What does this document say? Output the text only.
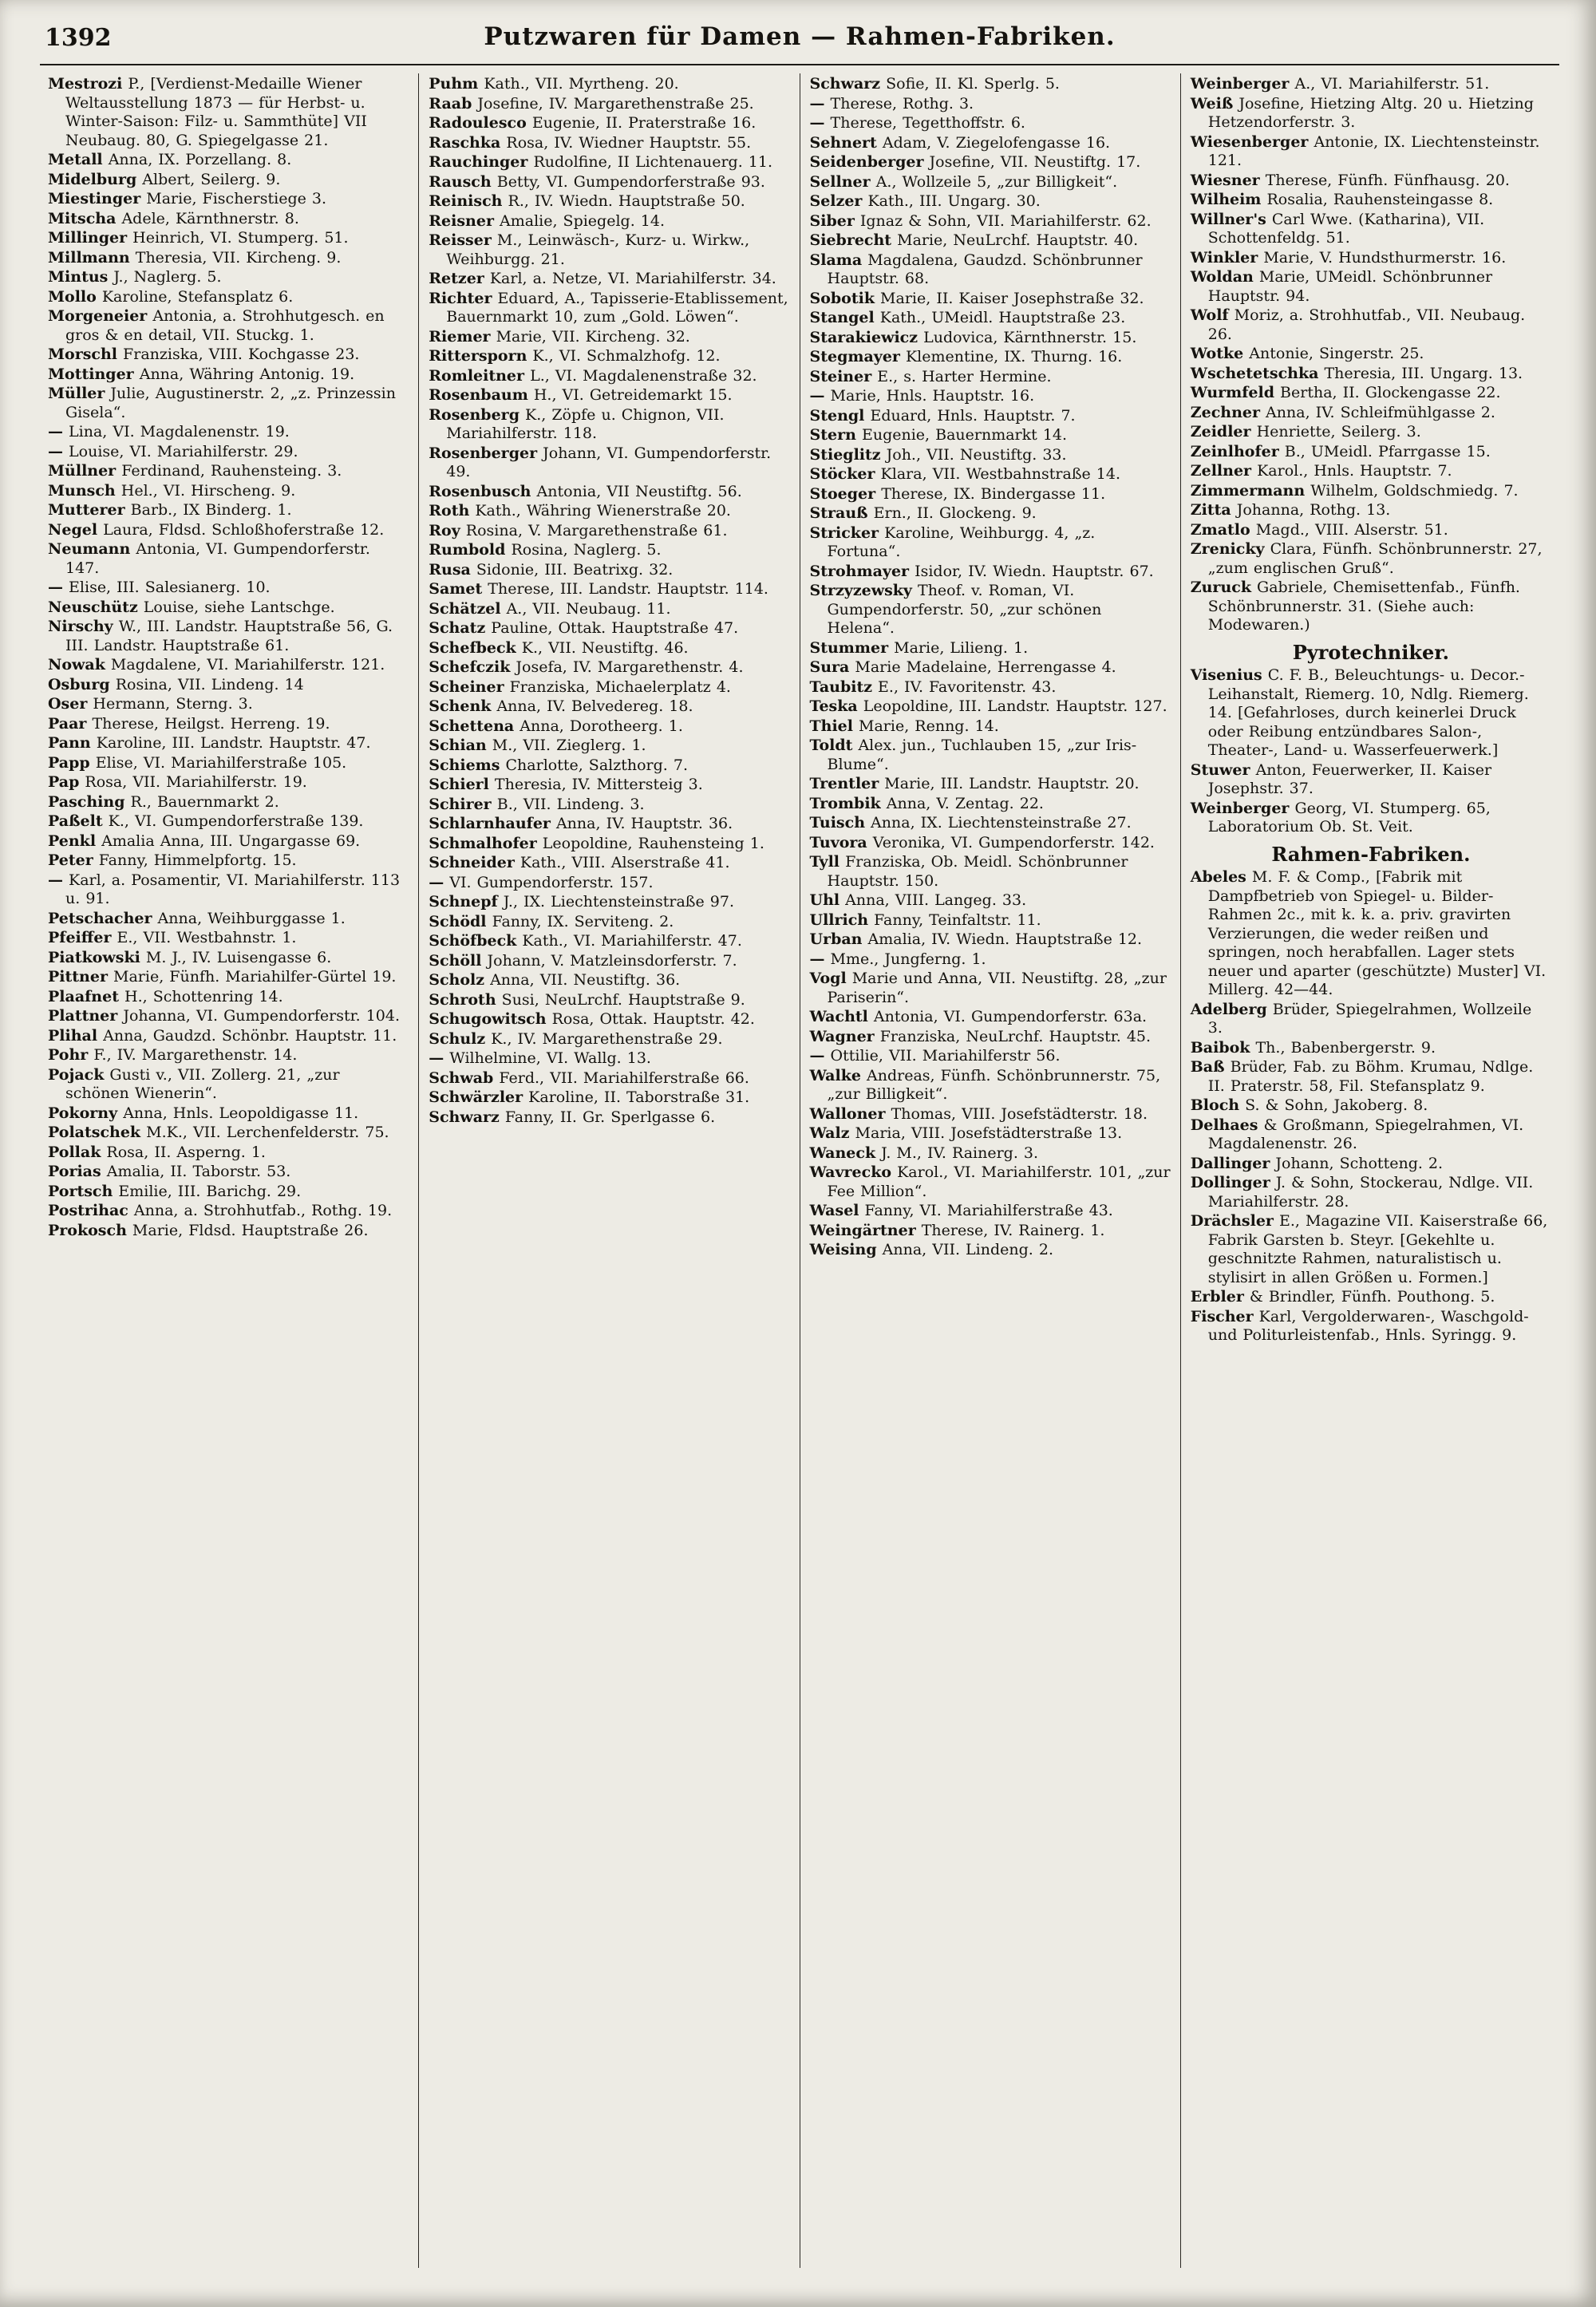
1392	Putzwaren für Damen — Rahmen-Fabriken.
Mestrozi P., [Verdienst-Medaille Wiener Weltausstellung 1873 — für Herbst- u. Winter-Saison: Filz- u. Sammthüte] VII Neubaug. 80, G. Spiegelgasse 21.
Metall Anna, IX. Porzellang. 8.
Midelburg Albert, Seilerg. 9.
Miestinger Marie, Fischerstiege 3.
Mitscha Adele, Kärnthnerstr. 8.
Millinger Heinrich, VI. Stumperg. 51.
Millmann Theresia, VII. Kircheng. 9.
Mintus J., Naglerg. 5.
Mollo Karoline, Stefansplatz 6.
Morgeneier Antonia, a. Strohhutgesch. en gros & en detail, VII. Stuckg. 1.
Morschl Franziska, VIII. Kochgasse 23.
Mottinger Anna, Währing Antonig. 19.
Müller Julie, Augustinerstr. 2, „z. Prinzessin Gisela“.
— Lina, VI. Magdalenenstr. 19.
— Louise, VI. Mariahilferstr. 29.
Müllner Ferdinand, Rauhensteing. 3.
Munsch Hel., VI. Hirscheng. 9.
Mutterer Barb., IX Binderg. 1.
Negel Laura, Fldsd. Schloßhoferstraße 12.
Neumann Antonia, VI. Gumpendorferstr. 147.
— Elise, III. Salesianerg. 10.
Neuschütz Louise, siehe Lantschge.
Nirschy W., III. Landstr. Hauptstraße 56, G. III. Landstr. Hauptstraße 61.
Nowak Magdalene, VI. Mariahilferstr. 121.
Osburg Rosina, VII. Lindeng. 14
Oser Hermann, Sterng. 3.
Paar Therese, Heilgst. Herreng. 19.
Pann Karoline, III. Landstr. Hauptstr. 47.
Papp Elise, VI. Mariahilferstraße 105.
Pap Rosa, VII. Mariahilferstr. 19.
Pasching R., Bauernmarkt 2.
Paßelt K., VI. Gumpendorferstraße 139.
Penkl Amalia Anna, III. Ungargasse 69.
Peter Fanny, Himmelpfortg. 15.
— Karl, a. Posamentir, VI. Mariahilferstr. 113 u. 91.
Petschacher Anna, Weihburggasse 1.
Pfeiffer E., VII. Westbahnstr. 1.
Piatkowski M. J., IV. Luisengasse 6.
Pittner Marie, Fünfh. Mariahilfer-Gürtel 19.
Plaafnet H., Schottenring 14.
Plattner Johanna, VI. Gumpendorferstr. 104.
Plihal Anna, Gaudzd. Schönbr. Hauptstr. 11.
Pohr F., IV. Margarethenstr. 14.
Pojack Gusti v., VII. Zollerg. 21, „zur schönen Wienerin“.
Pokorny Anna, Hnls. Leopoldigasse 11.
Polatschek M.K., VII. Lerchenfelderstr. 75.
Pollak Rosa, II. Asperng. 1.
Porias Amalia, II. Taborstr. 53.
Portsch Emilie, III. Barichg. 29.
Postrihac Anna, a. Strohhutfab., Rothg. 19.
Prokosch Marie, Fldsd. Hauptstraße 26.
Puhm Kath., VII. Myrtheng. 20.
Raab Josefine, IV. Margarethenstraße 25.
Radoulesco Eugenie, II. Praterstraße 16.
Raschka Rosa, IV. Wiedner Hauptstr. 55.
Rauchinger Rudolfine, II Lichtenauerg. 11.
Rausch Betty, VI. Gumpendorferstraße 93.
Reinisch R., IV. Wiedn. Hauptstraße 50.
Reisner Amalie, Spiegelg. 14.
Reisser M., Leinwäsch-, Kurz- u. Wirkw., Weihburgg. 21.
Retzer Karl, a. Netze, VI. Mariahilferstr. 34.
Richter Eduard, A., Tapisserie-Etablissement, Bauernmarkt 10, zum „Gold. Löwen“.
Riemer Marie, VII. Kircheng. 32.
Rittersporn K., VI. Schmalzhofg. 12.
Romleitner L., VI. Magdalenenstraße 32.
Rosenbaum H., VI. Getreidemarkt 15.
Rosenberg K., Zöpfe u. Chignon, VII. Mariahilferstr. 118.
Rosenberger Johann, VI. Gumpendorferstr. 49.
Rosenbusch Antonia, VII Neustiftg. 56.
Roth Kath., Währing Wienerstraße 20.
Roy Rosina, V. Margarethenstraße 61.
Rumbold Rosina, Naglerg. 5.
Rusa Sidonie, III. Beatrixg. 32.
Samet Therese, III. Landstr. Hauptstr. 114.
Schätzel A., VII. Neubaug. 11.
Schatz Pauline, Ottak. Hauptstraße 47.
Schefbeck K., VII. Neustiftg. 46.
Schefczik Josefa, IV. Margarethenstr. 4.
Scheiner Franziska, Michaelerplatz 4.
Schenk Anna, IV. Belvedereg. 18.
Schettena Anna, Dorotheerg. 1.
Schian M., VII. Zieglerg. 1.
Schiems Charlotte, Salzthorg. 7.
Schierl Theresia, IV. Mittersteig 3.
Schirer B., VII. Lindeng. 3.
Schlarnhaufer Anna, IV. Hauptstr. 36.
Schmalhofer Leopoldine, Rauhensteing 1.
Schneider Kath., VIII. Alserstraße 41.
— VI. Gumpendorferstr. 157.
Schnepf J., IX. Liechtensteinstraße 97.
Schödl Fanny, IX. Serviteng. 2.
Schöfbeck Kath., VI. Mariahilferstr. 47.
Schöll Johann, V. Matzleinsdorferstr. 7.
Scholz Anna, VII. Neustiftg. 36.
Schroth Susi, NeuLrchf. Hauptstraße 9.
Schugowitsch Rosa, Ottak. Hauptstr. 42.
Schulz K., IV. Margarethenstraße 29.
— Wilhelmine, VI. Wallg. 13.
Schwab Ferd., VII. Mariahilferstraße 66.
Schwärzler Karoline, II. Taborstraße 31.
Schwarz Fanny, II. Gr. Sperlgasse 6.
Schwarz Sofie, II. Kl. Sperlg. 5.
— Therese, Rothg. 3.
— Therese, Tegetthoffstr. 6.
Sehnert Adam, V. Ziegelofengasse 16.
Seidenberger Josefine, VII. Neustiftg. 17.
Sellner A., Wollzeile 5, „zur Billigkeit“.
Selzer Kath., III. Ungarg. 30.
Siber Ignaz & Sohn, VII. Mariahilferstr. 62.
Siebrecht Marie, NeuLrchf. Hauptstr. 40.
Slama Magdalena, Gaudzd. Schönbrunner Hauptstr. 68.
Sobotik Marie, II. Kaiser Josephstraße 32.
Stangel Kath., UMeidl. Hauptstraße 23.
Starakiewicz Ludovica, Kärnthnerstr. 15.
Stegmayer Klementine, IX. Thurng. 16.
Steiner E., s. Harter Hermine.
— Marie, Hnls. Hauptstr. 16.
Stengl Eduard, Hnls. Hauptstr. 7.
Stern Eugenie, Bauernmarkt 14.
Stieglitz Joh., VII. Neustiftg. 33.
Stöcker Klara, VII. Westbahnstraße 14.
Stoeger Therese, IX. Bindergasse 11.
Strauß Ern., II. Glockeng. 9.
Stricker Karoline, Weihburgg. 4, „z. Fortuna“.
Strohmayer Isidor, IV. Wiedn. Hauptstr. 67.
Strzyzewsky Theof. v. Roman, VI. Gumpendorferstr. 50, „zur schönen Helena“.
Stummer Marie, Lilieng. 1.
Sura Marie Madelaine, Herrengasse 4.
Taubitz E., IV. Favoritenstr. 43.
Teska Leopoldine, III. Landstr. Hauptstr. 127.
Thiel Marie, Renng. 14.
Toldt Alex. jun., Tuchlauben 15, „zur Iris-Blume“.
Trentler Marie, III. Landstr. Hauptstr. 20.
Trombik Anna, V. Zentag. 22.
Tuisch Anna, IX. Liechtensteinstraße 27.
Tuvora Veronika, VI. Gumpendorferstr. 142.
Tyll Franziska, Ob. Meidl. Schönbrunner Hauptstr. 150.
Uhl Anna, VIII. Langeg. 33.
Ullrich Fanny, Teinfaltstr. 11.
Urban Amalia, IV. Wiedn. Hauptstraße 12.
— Mme., Jungferng. 1.
Vogl Marie und Anna, VII. Neustiftg. 28, „zur Pariserin“.
Wachtl Antonia, VI. Gumpendorferstr. 63a.
Wagner Franziska, NeuLrchf. Hauptstr. 45.
— Ottilie, VII. Mariahilferstr 56.
Walke Andreas, Fünfh. Schönbrunnerstr. 75, „zur Billigkeit“.
Walloner Thomas, VIII. Josefstädterstr. 18.
Walz Maria, VIII. Josefstädterstraße 13.
Waneck J. M., IV. Rainerg. 3.
Wavrecko Karol., VI. Mariahilferstr. 101, „zur Fee Million“.
Wasel Fanny, VI. Mariahilferstraße 43.
Weingärtner Therese, IV. Rainerg. 1.
Weising Anna, VII. Lindeng. 2.
Weinberger A., VI. Mariahilferstr. 51.
Weiß Josefine, Hietzing Altg. 20 u. Hietzing Hetzendorferstr. 3.
Wiesenberger Antonie, IX. Liechtensteinstr. 121.
Wiesner Therese, Fünfh. Fünfhausg. 20.
Wilheim Rosalia, Rauhensteingasse 8.
Willner's Carl Wwe. (Katharina), VII. Schottenfeldg. 51.
Winkler Marie, V. Hundsthurmerstr. 16.
Woldan Marie, UMeidl. Schönbrunner Hauptstr. 94.
Wolf Moriz, a. Strohhutfab., VII. Neubaug. 26.
Wotke Antonie, Singerstr. 25.
Wschetetschka Theresia, III. Ungarg. 13.
Wurmfeld Bertha, II. Glockengasse 22.
Zechner Anna, IV. Schleifmühlgasse 2.
Zeidler Henriette, Seilerg. 3.
Zeinlhofer B., UMeidl. Pfarrgasse 15.
Zellner Karol., Hnls. Hauptstr. 7.
Zimmermann Wilhelm, Goldschmiedg. 7.
Zitta Johanna, Rothg. 13.
Zmatlo Magd., VIII. Alserstr. 51.
Zrenicky Clara, Fünfh. Schönbrunnerstr. 27, „zum englischen Gruß“.
Zuruck Gabriele, Chemisettenfab., Fünfh. Schönbrunnerstr. 31. (Siehe auch: Modewaren.)
Pyrotechniker.
Visenius C. F. B., Beleuchtungs- u. Decor.-Leihanstalt, Riemerg. 10, Ndlg. Riemerg. 14. [Gefahrloses, durch keinerlei Druck oder Reibung entzündbares Salon-, Theater-, Land- u. Wasserfeuerwerk.]
Stuwer Anton, Feuerwerker, II. Kaiser Josephstr. 37.
Weinberger Georg, VI. Stumperg. 65, Laboratorium Ob. St. Veit.
Rahmen-Fabriken.
Abeles M. F. & Comp., [Fabrik mit Dampfbetrieb von Spiegel- u. Bilder-Rahmen 2c., mit k. k. a. priv. gravirten Verzierungen, die weder reißen und springen, noch herabfallen. Lager stets neuer und aparter (geschützte) Muster] VI. Millerg. 42—44.
Adelberg Brüder, Spiegelrahmen, Wollzeile 3.
Baibok Th., Babenbergerstr. 9.
Baß Brüder, Fab. zu Böhm. Krumau, Ndlge. II. Praterstr. 58, Fil. Stefansplatz 9.
Bloch S. & Sohn, Jakoberg. 8.
Delhaes & Großmann, Spiegelrahmen, VI. Magdalenenstr. 26.
Dallinger Johann, Schotteng. 2.
Dollinger J. & Sohn, Stockerau, Ndlge. VII. Mariahilferstr. 28.
Drächsler E., Magazine VII. Kaiserstraße 66, Fabrik Garsten b. Steyr. [Gekehlte u. geschnitzte Rahmen, naturalistisch u. stylisirt in allen Größen u. Formen.]
Erbler & Brindler, Fünfh. Pouthong. 5.
Fischer Karl, Vergolderwaren-, Waschgold- und Politurleistenfab., Hnls. Syringg. 9.
